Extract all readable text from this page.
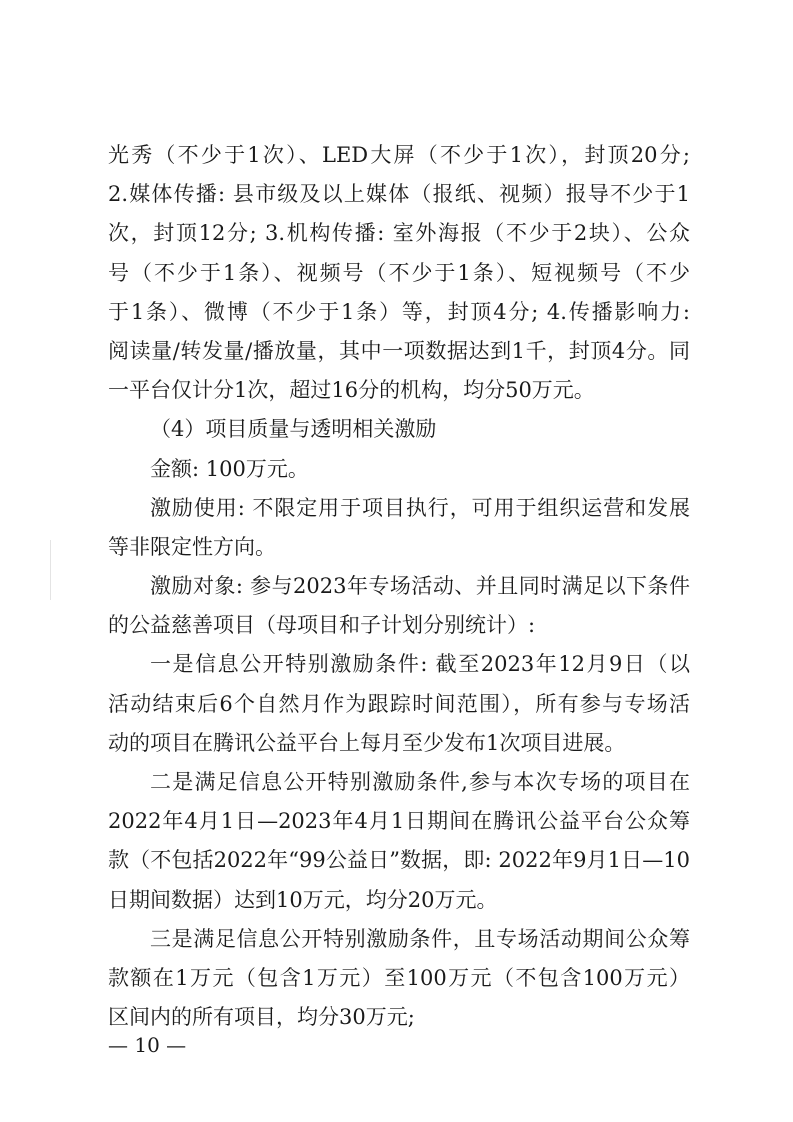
光秀（不少于1次）、LED大屏（不少于1次），封顶20分;
2.媒体传播: 县市级及以上媒体（报纸、视频）报导不少于1
次，封顶12分; 3.机构传播: 室外海报（不少于2块）、公众
号（不少于1条）、视频号（不少于1条）、短视频号（不少
于1条）、微博（不少于1条）等，封顶4分; 4.传播影响力:
阅读量/转发量/播放量，其中一项数据达到1千，封顶4分。同
一平台仅计分1次，超过16分的机构，均分50万元。
（4）项目质量与透明相关激励
金额: 100万元。
激励使用: 不限定用于项目执行，可用于组织运营和发展
等非限定性方向。
激励对象: 参与2023年专场活动、并且同时满足以下条件
的公益慈善项目（母项目和子计划分别统计）:
一是信息公开特别激励条件: 截至2023年12月9日（以
活动结束后6个自然月作为跟踪时间范围），所有参与专场活
动的项目在腾讯公益平台上每月至少发布1次项目进展。
二是满足信息公开特别激励条件,参与本次专场的项目在
2022年4月1日—2023年4月1日期间在腾讯公益平台公众筹
款（不包括2022年“99公益日”数据，即: 2022年9月1日—10
日期间数据）达到10万元，均分20万元。
三是满足信息公开特别激励条件，且专场活动期间公众筹
款额在1万元（包含1万元）至100万元（不包含100万元）
区间内的所有项目，均分30万元;
— 10 —
